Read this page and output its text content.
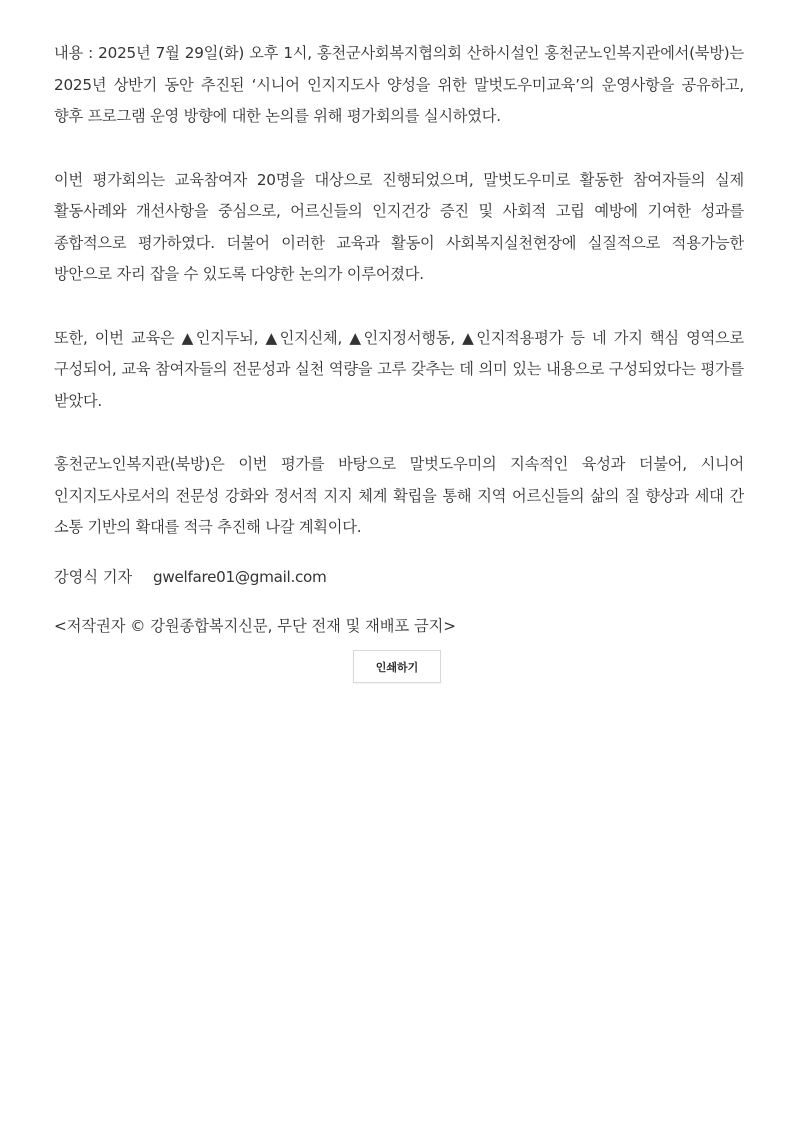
내용 : 2025년 7월 29일(화) 오후 1시, 홍천군사회복지협의회 산하시설인 홍천군노인복지관에서(북방)는 2025년 상반기 동안 추진된 ‘시니어 인지지도사 양성을 위한 말벗도우미교육’의 운영사항을 공유하고, 향후 프로그램 운영 방향에 대한 논의를 위해 평가회의를 실시하였다.

이번 평가회의는 교육참여자 20명을 대상으로 진행되었으며, 말벗도우미로 활동한 참여자들의 실제 활동사례와 개선사항을 중심으로, 어르신들의 인지건강 증진 및 사회적 고립 예방에 기여한 성과를 종합적으로 평가하였다. 더불어 이러한 교육과 활동이 사회복지실천현장에 실질적으로 적용가능한 방안으로 자리 잡을 수 있도록 다양한 논의가 이루어졌다.

또한, 이번 교육은 ▲인지두뇌, ▲인지신체, ▲인지정서행동, ▲인지적용평가 등 네 가지 핵심 영역으로 구성되어, 교육 참여자들의 전문성과 실천 역량을 고루 갖추는 데 의미 있는 내용으로 구성되었다는 평가를 받았다.

홍천군노인복지관(북방)은 이번 평가를 바탕으로 말벗도우미의 지속적인 육성과 더불어, 시니어 인지지도사로서의 전문성 강화와 정서적 지지 체계 확립을 통해 지역 어르신들의 삶의 질 향상과 세대 간 소통 기반의 확대를 적극 추진해 나갈 계획이다.

강영식 기자 gwelfare01@gmail.com

<저작권자 © 강원종합복지신문, 무단 전재 및 재배포 금지>

인쇄하기
